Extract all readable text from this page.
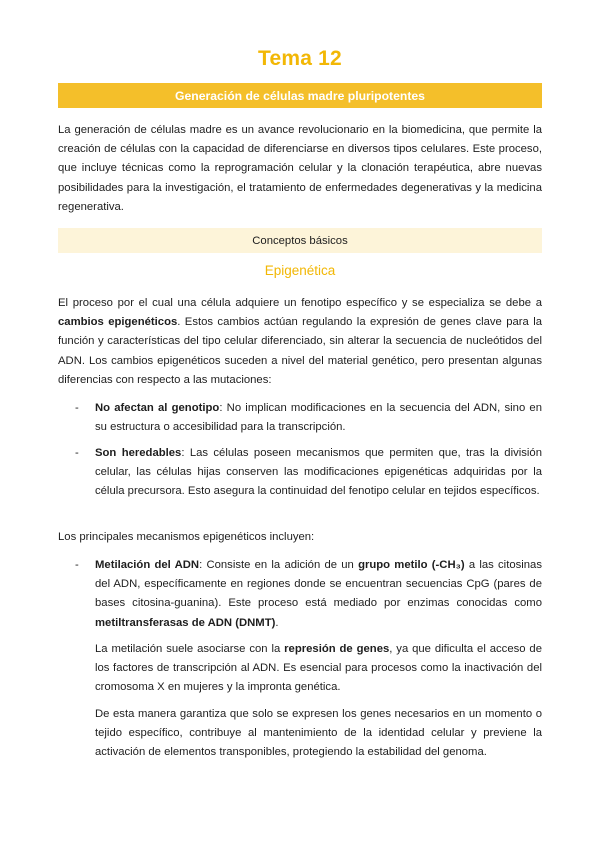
Tema 12
Generación de células madre pluripotentes

La generación de células madre es un avance revolucionario en la biomedicina, que permite la creación de células con la capacidad de diferenciarse en diversos tipos celulares. Este proceso, que incluye técnicas como la reprogramación celular y la clonación terapéutica, abre nuevas posibilidades para la investigación, el tratamiento de enfermedades degenerativas y la medicina regenerativa.

Conceptos básicos
Epigenética

El proceso por el cual una célula adquiere un fenotipo específico y se especializa se debe a cambios epigenéticos. Estos cambios actúan regulando la expresión de genes clave para la función y características del tipo celular diferenciado, sin alterar la secuencia de nucleótidos del ADN. Los cambios epigenéticos suceden a nivel del material genético, pero presentan algunas diferencias con respecto a las mutaciones:

- No afectan al genotipo: No implican modificaciones en la secuencia del ADN, sino en su estructura o accesibilidad para la transcripción.
- Son heredables: Las células poseen mecanismos que permiten que, tras la división celular, las células hijas conserven las modificaciones epigenéticas adquiridas por la célula precursora. Esto asegura la continuidad del fenotipo celular en tejidos específicos.

Los principales mecanismos epigenéticos incluyen:

- Metilación del ADN: Consiste en la adición de un grupo metilo (-CH₃) a las citosinas del ADN, específicamente en regiones donde se encuentran secuencias CpG (pares de bases citosina-guanina). Este proceso está mediado por enzimas conocidas como metiltransferasas de ADN (DNMT).

La metilación suele asociarse con la represión de genes, ya que dificulta el acceso de los factores de transcripción al ADN. Es esencial para procesos como la inactivación del cromosoma X en mujeres y la impronta genética.

De esta manera garantiza que solo se expresen los genes necesarios en un momento o tejido específico, contribuye al mantenimiento de la identidad celular y previene la activación de elementos transponibles, protegiendo la estabilidad del genoma.
